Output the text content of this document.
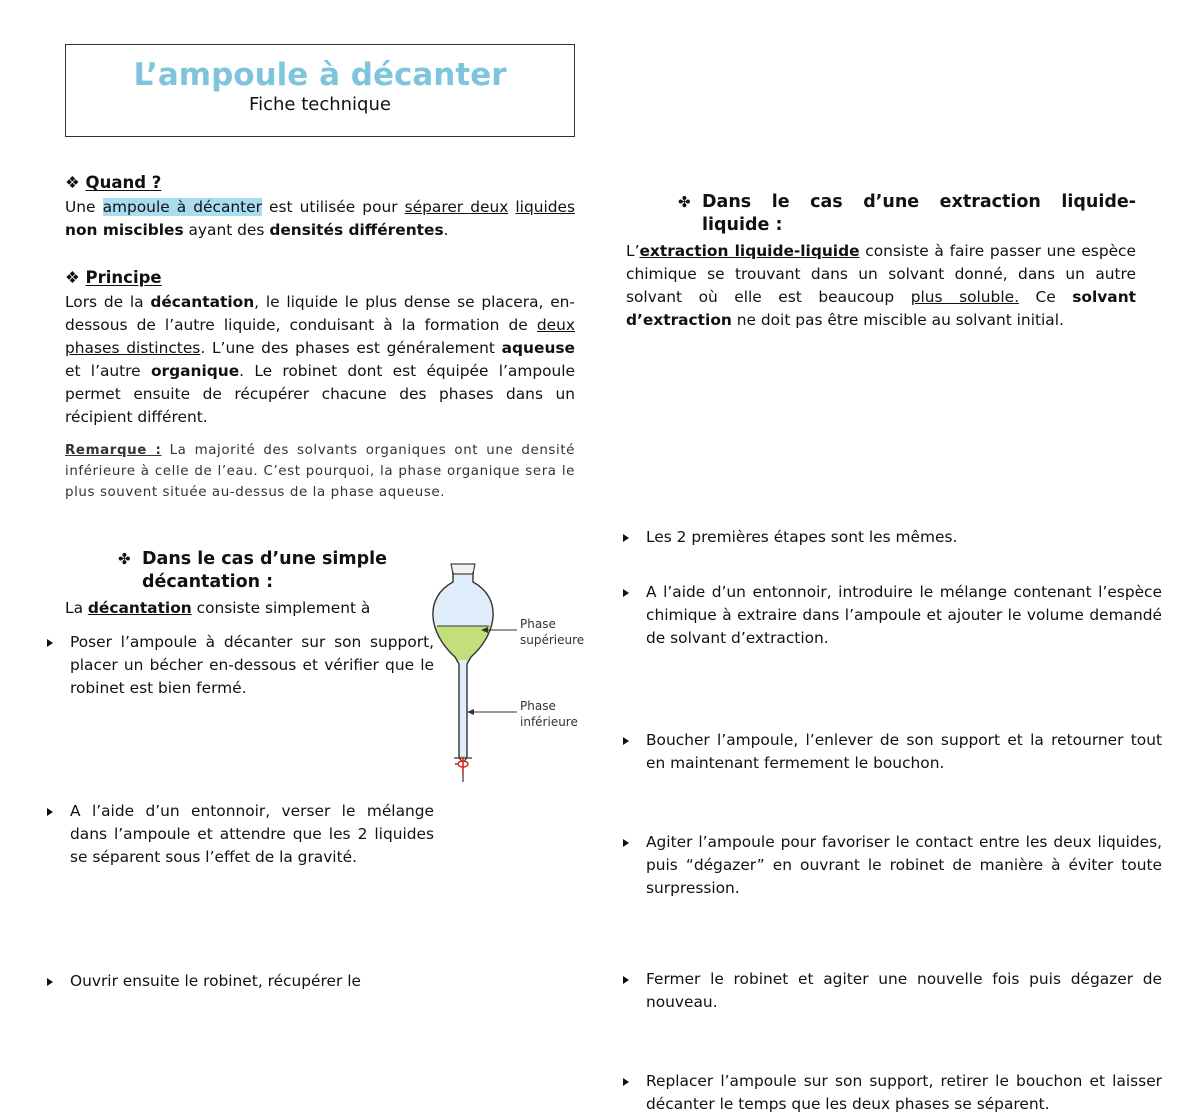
L’ampoule à décanter
Fiche technique
❖ Quand ?
Une ampoule à décanter est utilisée pour séparer deux liquides non miscibles ayant des densités différentes.
❖ Principe
Lors de la décantation, le liquide le plus dense se placera, en-dessous de l’autre liquide, conduisant à la formation de deux phases distinctes. L’une des phases est généralement aqueuse et l’autre organique. Le robinet dont est équipée l’ampoule permet ensuite de récupérer chacune des phases dans un récipient différent.
Remarque : La majorité des solvants organiques ont une densité inférieure à celle de l’eau. C’est pourquoi, la phase organique sera le plus souvent située au-dessus de la phase aqueuse.
✤ Dans le cas d’une simple
décantation :
La décantation consiste simplement à
Poser l’ampoule à décanter sur son support, placer un bécher en-dessous et vérifier que le robinet est bien fermé.
A l’aide d’un entonnoir, verser le mélange dans l’ampoule et attendre que les 2 liquides se séparent sous l’effet de la gravité.
Ouvrir ensuite le robinet, récupérer le
Phase
supérieure
Phase
inférieure
✤ Dans le cas d’une extraction liquide-
liquide :
L’extraction liquide-liquide consiste à faire passer une espèce chimique se trouvant dans un solvant donné, dans un autre solvant où elle est beaucoup plus soluble. Ce solvant d’extraction ne doit pas être miscible au solvant initial.
Les 2 premières étapes sont les mêmes.
A l’aide d’un entonnoir, introduire le mélange contenant l’espèce chimique à extraire dans l’ampoule et ajouter le volume demandé de solvant d’extraction.
Boucher l’ampoule, l’enlever de son support et la retourner tout en maintenant fermement le bouchon.
Agiter l’ampoule pour favoriser le contact entre les deux liquides, puis “dégazer” en ouvrant le robinet de manière à éviter toute surpression.
Fermer le robinet et agiter une nouvelle fois puis dégazer de nouveau.
Replacer l’ampoule sur son support, retirer le bouchon et laisser décanter le temps que les deux phases se séparent.
